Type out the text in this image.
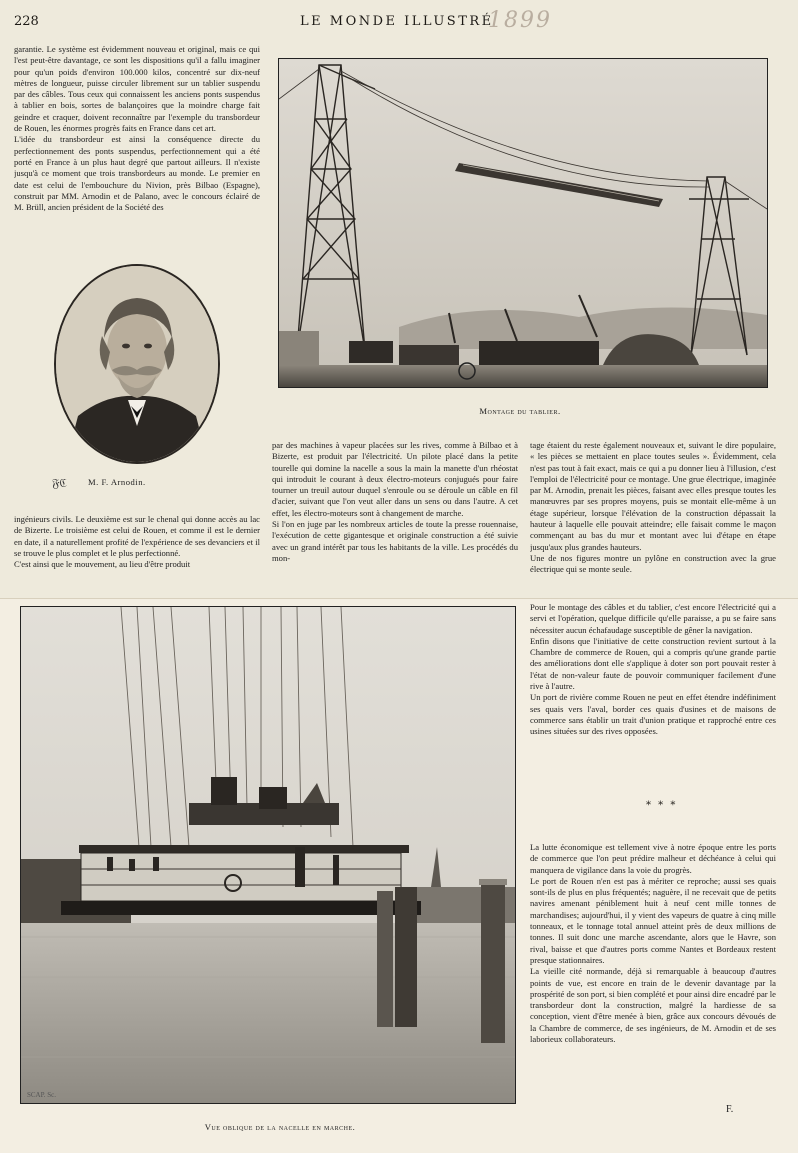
228	LE MONDE ILLUSTRÉ
1899
garantie. Le système est évidemment nouveau et original, mais ce qui l'est peut-être davantage, ce sont les dispositions qu'il a fallu imaginer pour qu'un poids d'environ 100.000 kilos, concentré sur dix-neuf mètres de longueur, puisse circuler librement sur un tablier suspendu par des câbles. Tous ceux qui connaissent les anciens ponts suspendus à tablier en bois, sortes de balançoires que la moindre charge fait geindre et craquer, doivent reconnaître par l'exemple du transbordeur de Rouen, les énormes progrès faits en France dans cet art.
L'idée du transbordeur est ainsi la conséquence directe du perfectionnement des ponts suspendus, perfectionnement qui a été porté en France à un plus haut degré que partout ailleurs. Il n'existe jusqu'à ce moment que trois transbordeurs au monde. Le premier en date est celui de l'embouchure du Nivion, près Bilbao (Espagne), construit par MM. Arnodin et de Palano, avec le concours éclairé de M. Brüll, ancien président de la Société des
𝔉ℭ M. F. Arnodin.
ingénieurs civils. Le deuxième est sur le chenal qui donne accès au lac de Bizerte. Le troisième est celui de Rouen, et comme il est le dernier en date, il a naturellement profité de l'expérience de ses devanciers et il se trouve le plus complet et le plus perfectionné.
C'est ainsi que le mouvement, au lieu d'être produit
Montage du tablier.
par des machines à vapeur placées sur les rives, comme à Bilbao et à Bizerte, est produit par l'électricité. Un pilote placé dans la petite tourelle qui domine la nacelle a sous la main la manette d'un rhéostat qui introduit le courant à deux électro-moteurs conjugués pour faire tourner un treuil autour duquel s'enroule ou se déroule un câble en fil d'acier, suivant que l'on veut aller dans un sens ou dans l'autre. A cet effet, les électro-moteurs sont à changement de marche.
Si l'on en juge par les nombreux articles de toute la presse rouennaise, l'exécution de cette gigantesque et originale construction a été suivie avec un grand intérêt par tous les habitants de la ville. Les procédés du mon-
tage étaient du reste également nouveaux et, suivant le dire populaire, « les pièces se mettaient en place toutes seules ». Évidemment, cela n'est pas tout à fait exact, mais ce qui a pu donner lieu à l'illusion, c'est l'emploi de l'électricité pour ce montage. Une grue électrique, imaginée par M. Arnodin, prenait les pièces, faisant avec elles presque toutes les manœuvres par ses propres moyens, puis se montait elle-même à un étage supérieur, lorsque l'élévation de la construction dépassait la hauteur à laquelle elle pouvait atteindre; elle faisait comme le maçon commençant au bas du mur et montant avec lui d'étape en étape jusqu'aux plus grandes hauteurs.
Une de nos figures montre un pylône en construction avec la grue électrique qui se monte seule.
SCAP. Sc.
Vue oblique de la nacelle en marche.
Pour le montage des câbles et du tablier, c'est encore l'électricité qui a servi et l'opération, quelque difficile qu'elle paraisse, a pu se faire sans nécessiter aucun échafaudage susceptible de gêner la navigation.
Enfin disons que l'initiative de cette construction revient surtout à la Chambre de commerce de Rouen, qui a compris qu'une grande partie des améliorations dont elle s'applique à doter son port pouvait rester à l'état de non-valeur faute de pouvoir communiquer facilement d'une rive à l'autre.
Un port de rivière comme Rouen ne peut en effet étendre indéfiniment ses quais vers l'aval, border ces quais d'usines et de maisons de commerce sans établir un trait d'union pratique et rapproché entre ces usines situées sur des rives opposées.
* * *
La lutte économique est tellement vive à notre époque entre les ports de commerce que l'on peut prédire malheur et déchéance à celui qui manquera de vigilance dans la voie du progrès.
Le port de Rouen n'en est pas à mériter ce reproche; aussi ses quais sont-ils de plus en plus fréquentés; naguère, il ne recevait que de petits navires amenant péniblement huit à neuf cent mille tonnes de marchandises; aujourd'hui, il y vient des vapeurs de quatre à cinq mille tonneaux, et le tonnage total annuel atteint près de deux millions de tonnes. Il suit donc une marche ascendante, alors que le Havre, son rival, baisse et que d'autres ports comme Nantes et Bordeaux restent presque stationnaires.
La vieille cité normande, déjà si remarquable à beaucoup d'autres points de vue, est encore en train de le devenir davantage par la prospérité de son port, si bien complété et pour ainsi dire encadré par le transbordeur dont la construction, malgré la hardiesse de sa conception, vient d'être menée à bien, grâce aux concours dévoués de la Chambre de commerce, de ses ingénieurs, de M. Arnodin et de ses laborieux collaborateurs.
F.
